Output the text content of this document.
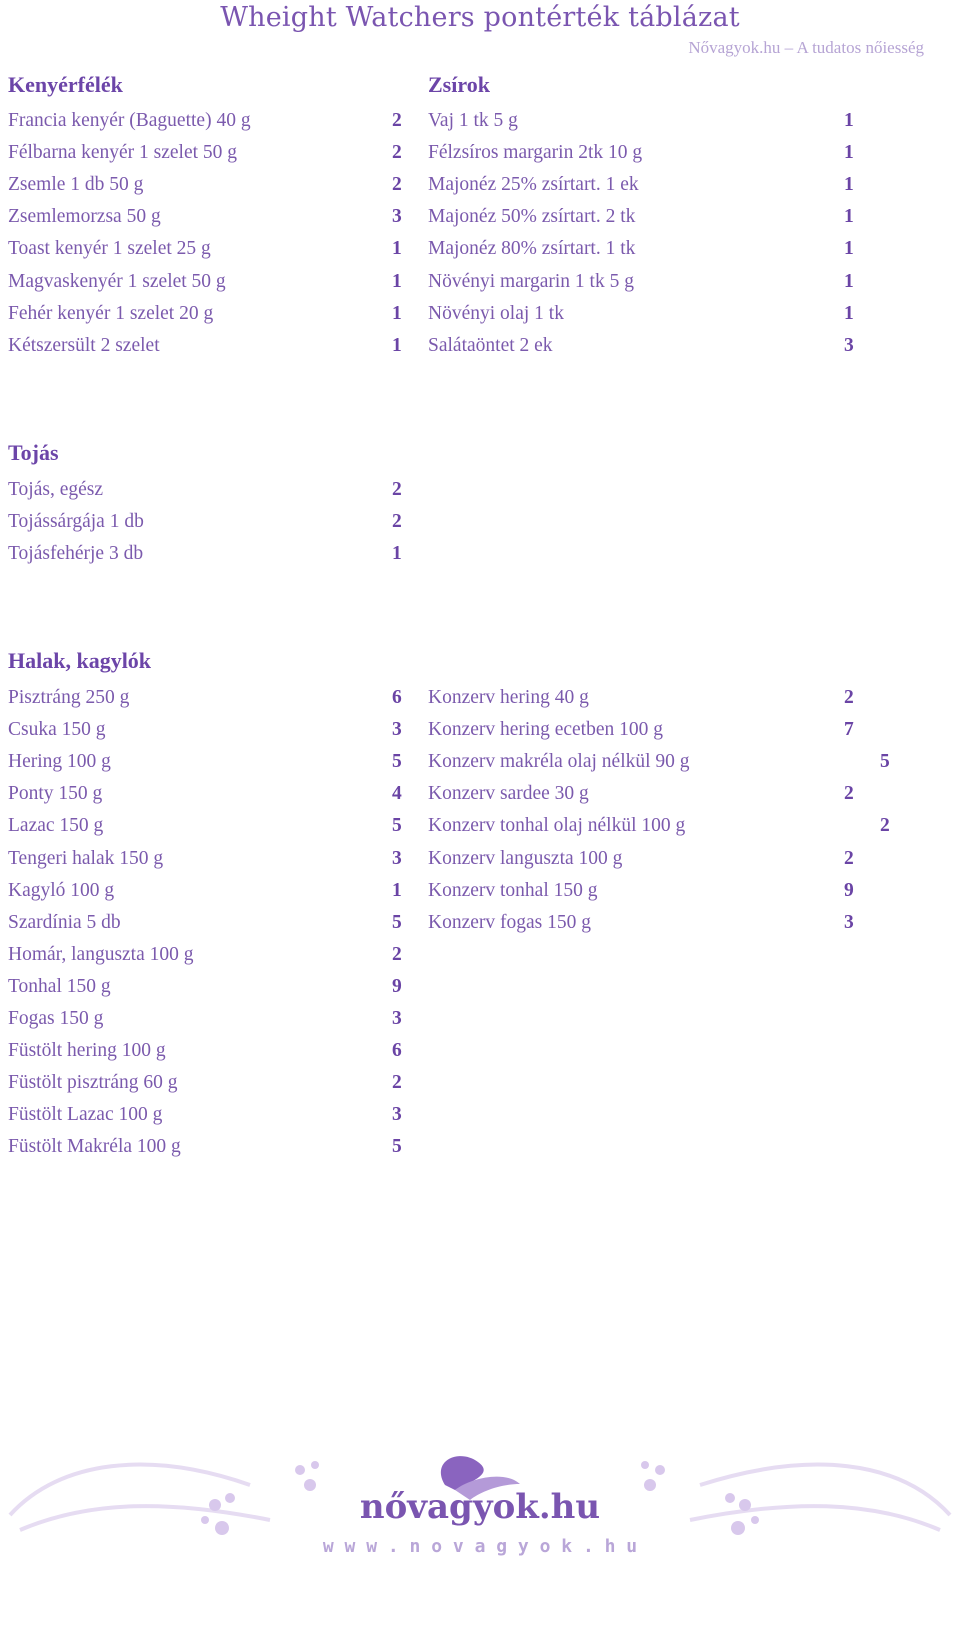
Wheight Watchers pontérték táblázat
Nővagyok.hu – A tudatos nőiesség
Kenyérfélék	Zsírok
Francia kenyér (Baguette) 40 g	2
Félbarna kenyér 1 szelet 50 g	2
Zsemle 1 db 50 g	2
Zsemlemorzsa 50 g	3
Toast kenyér 1 szelet 25 g	1
Magvaskenyér 1 szelet 50 g	1
Fehér kenyér 1 szelet 20 g	1
Kétszersült 2 szelet	1
Vaj 1 tk 5 g	1
Félzsíros margarin 2tk 10 g	1
Majonéz 25% zsírtart. 1 ek	1
Majonéz 50% zsírtart. 2 tk	1
Majonéz 80% zsírtart. 1 tk	1
Növényi margarin 1 tk 5 g	1
Növényi olaj 1 tk	1
Salátaöntet 2 ek	3
Tojás
Tojás, egész	2
Tojássárgája 1 db	2
Tojásfehérje 3 db	1
Halak, kagylók
Pisztráng 250 g	6
Csuka 150 g	3
Hering 100 g	5
Ponty 150 g	4
Lazac 150 g	5
Tengeri halak 150 g	3
Kagyló 100 g	1
Szardínia 5 db	5
Homár, languszta 100 g	2
Tonhal 150 g	9
Fogas 150 g	3
Füstölt hering 100 g	6
Füstölt pisztráng 60 g	2
Füstölt Lazac 100 g	3
Füstölt Makréla 100 g	5
Konzerv hering 40 g	2
Konzerv hering ecetben 100 g	7
Konzerv makréla olaj nélkül 90 g	5
Konzerv sardee 30 g	2
Konzerv tonhal olaj nélkül 100 g	2
Konzerv languszta 100 g	2
Konzerv tonhal 150 g	9
Konzerv fogas 150 g	3
nővagyok.hu
w w w . n o v a g y o k . h u
